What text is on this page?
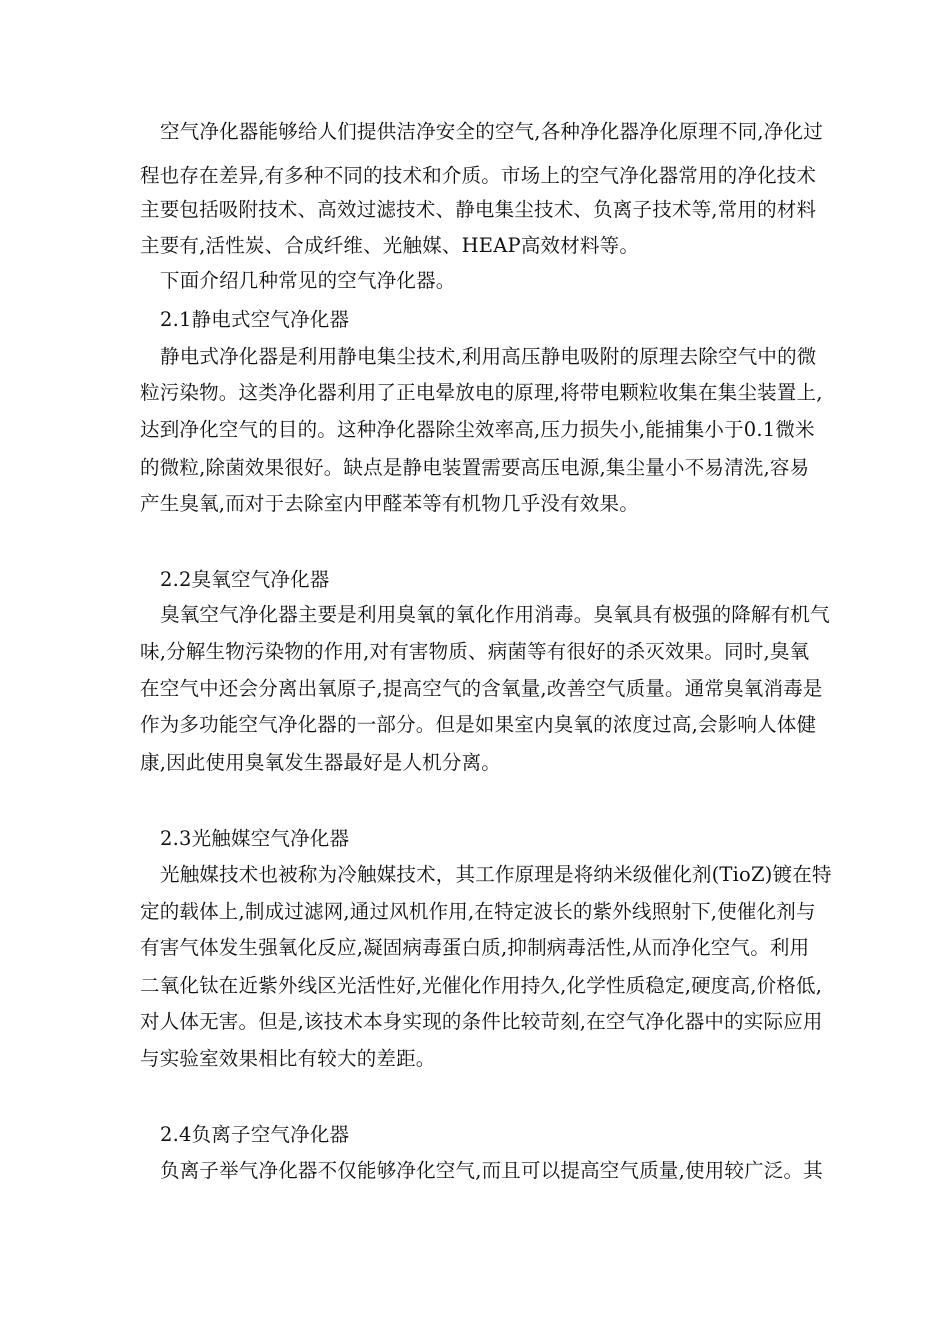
空气净化器能够给人们提供洁净安全的空气,各种净化器净化原理不同,净化过
程也存在差异,有多种不同的技术和介质。市场上的空气净化器常用的净化技术
主要包括吸附技术、高效过滤技术、静电集尘技术、负离子技术等,常用的材料
主要有,活性炭、合成纤维、光触媒、HEAP高效材料等。
下面介绍几种常见的空气净化器。
2.1静电式空气净化器
静电式净化器是利用静电集尘技术,利用高压静电吸附的原理去除空气中的微
粒污染物。这类净化器利用了正电晕放电的原理,将带电颗粒收集在集尘装置上,
达到净化空气的目的。这种净化器除尘效率高,压力损失小,能捕集小于0.1微米
的微粒,除菌效果很好。缺点是静电装置需要高压电源,集尘量小不易清洗,容易
产生臭氧,而对于去除室内甲醛苯等有机物几乎没有效果。
2.2臭氧空气净化器
臭氧空气净化器主要是利用臭氧的氧化作用消毒。臭氧具有极强的降解有机气
味,分解生物污染物的作用,对有害物质、病菌等有很好的杀灭效果。同时,臭氧
在空气中还会分离出氧原子,提高空气的含氧量,改善空气质量。通常臭氧消毒是
作为多功能空气净化器的一部分。但是如果室内臭氧的浓度过高,会影响人体健
康,因此使用臭氧发生器最好是人机分离。
2.3光触媒空气净化器
光触媒技术也被称为冷触媒技术，其工作原理是将纳米级催化剂(TioZ)镀在特
定的载体上,制成过滤网,通过风机作用,在特定波长的紫外线照射下,使催化剂与
有害气体发生强氧化反应,凝固病毒蛋白质,抑制病毒活性,从而净化空气。利用
二氧化钛在近紫外线区光活性好,光催化作用持久,化学性质稳定,硬度高,价格低,
对人体无害。但是,该技术本身实现的条件比较苛刻,在空气净化器中的实际应用
与实验室效果相比有较大的差距。
2.4负离子空气净化器
负离子举气净化器不仅能够净化空气,而且可以提高空气质量,使用较广泛。其
